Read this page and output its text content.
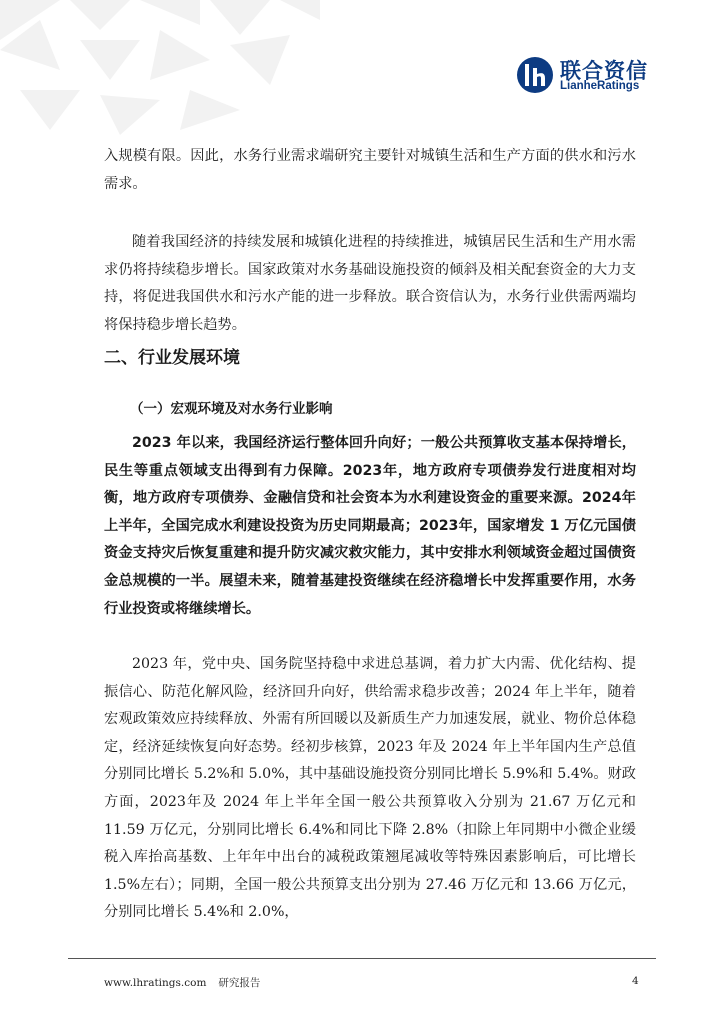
联合资信
LianheRatings
入规模有限。因此，水务行业需求端研究主要针对城镇生活和生产方面的供水和污水需求。
随着我国经济的持续发展和城镇化进程的持续推进，城镇居民生活和生产用水需求仍将持续稳步增长。国家政策对水务基础设施投资的倾斜及相关配套资金的大力支持，将促进我国供水和污水产能的进一步释放。联合资信认为，水务行业供需两端均将保持稳步增长趋势。
二、行业发展环境
（一）宏观环境及对水务行业影响
2023 年以来，我国经济运行整体回升向好；一般公共预算收支基本保持增长，民生等重点领域支出得到有力保障。2023年，地方政府专项债券发行进度相对均衡，地方政府专项债券、金融信贷和社会资本为水利建设资金的重要来源。2024年上半年，全国完成水利建设投资为历史同期最高；2023年，国家增发 1 万亿元国债资金支持灾后恢复重建和提升防灾减灾救灾能力，其中安排水利领域资金超过国债资金总规模的一半。展望未来，随着基建投资继续在经济稳增长中发挥重要作用，水务行业投资或将继续增长。
2023 年，党中央、国务院坚持稳中求进总基调，着力扩大内需、优化结构、提振信心、防范化解风险，经济回升向好，供给需求稳步改善；2024 年上半年，随着宏观政策效应持续释放、外需有所回暖以及新质生产力加速发展，就业、物价总体稳定，经济延续恢复向好态势。经初步核算，2023 年及 2024 年上半年国内生产总值分别同比增长 5.2%和 5.0%，其中基础设施投资分别同比增长 5.9%和 5.4%。财政方面，2023年及 2024 年上半年全国一般公共预算收入分别为 21.67 万亿元和 11.59 万亿元，分别同比增长 6.4%和同比下降 2.8%（扣除上年同期中小微企业缓税入库抬高基数、上年年中出台的减税政策翘尾减收等特殊因素影响后，可比增长 1.5%左右）；同期，全国一般公共预算支出分别为 27.46 万亿元和 13.66 万亿元，分别同比增长 5.4%和 2.0%，
www.lhratings.com 研究报告	4
